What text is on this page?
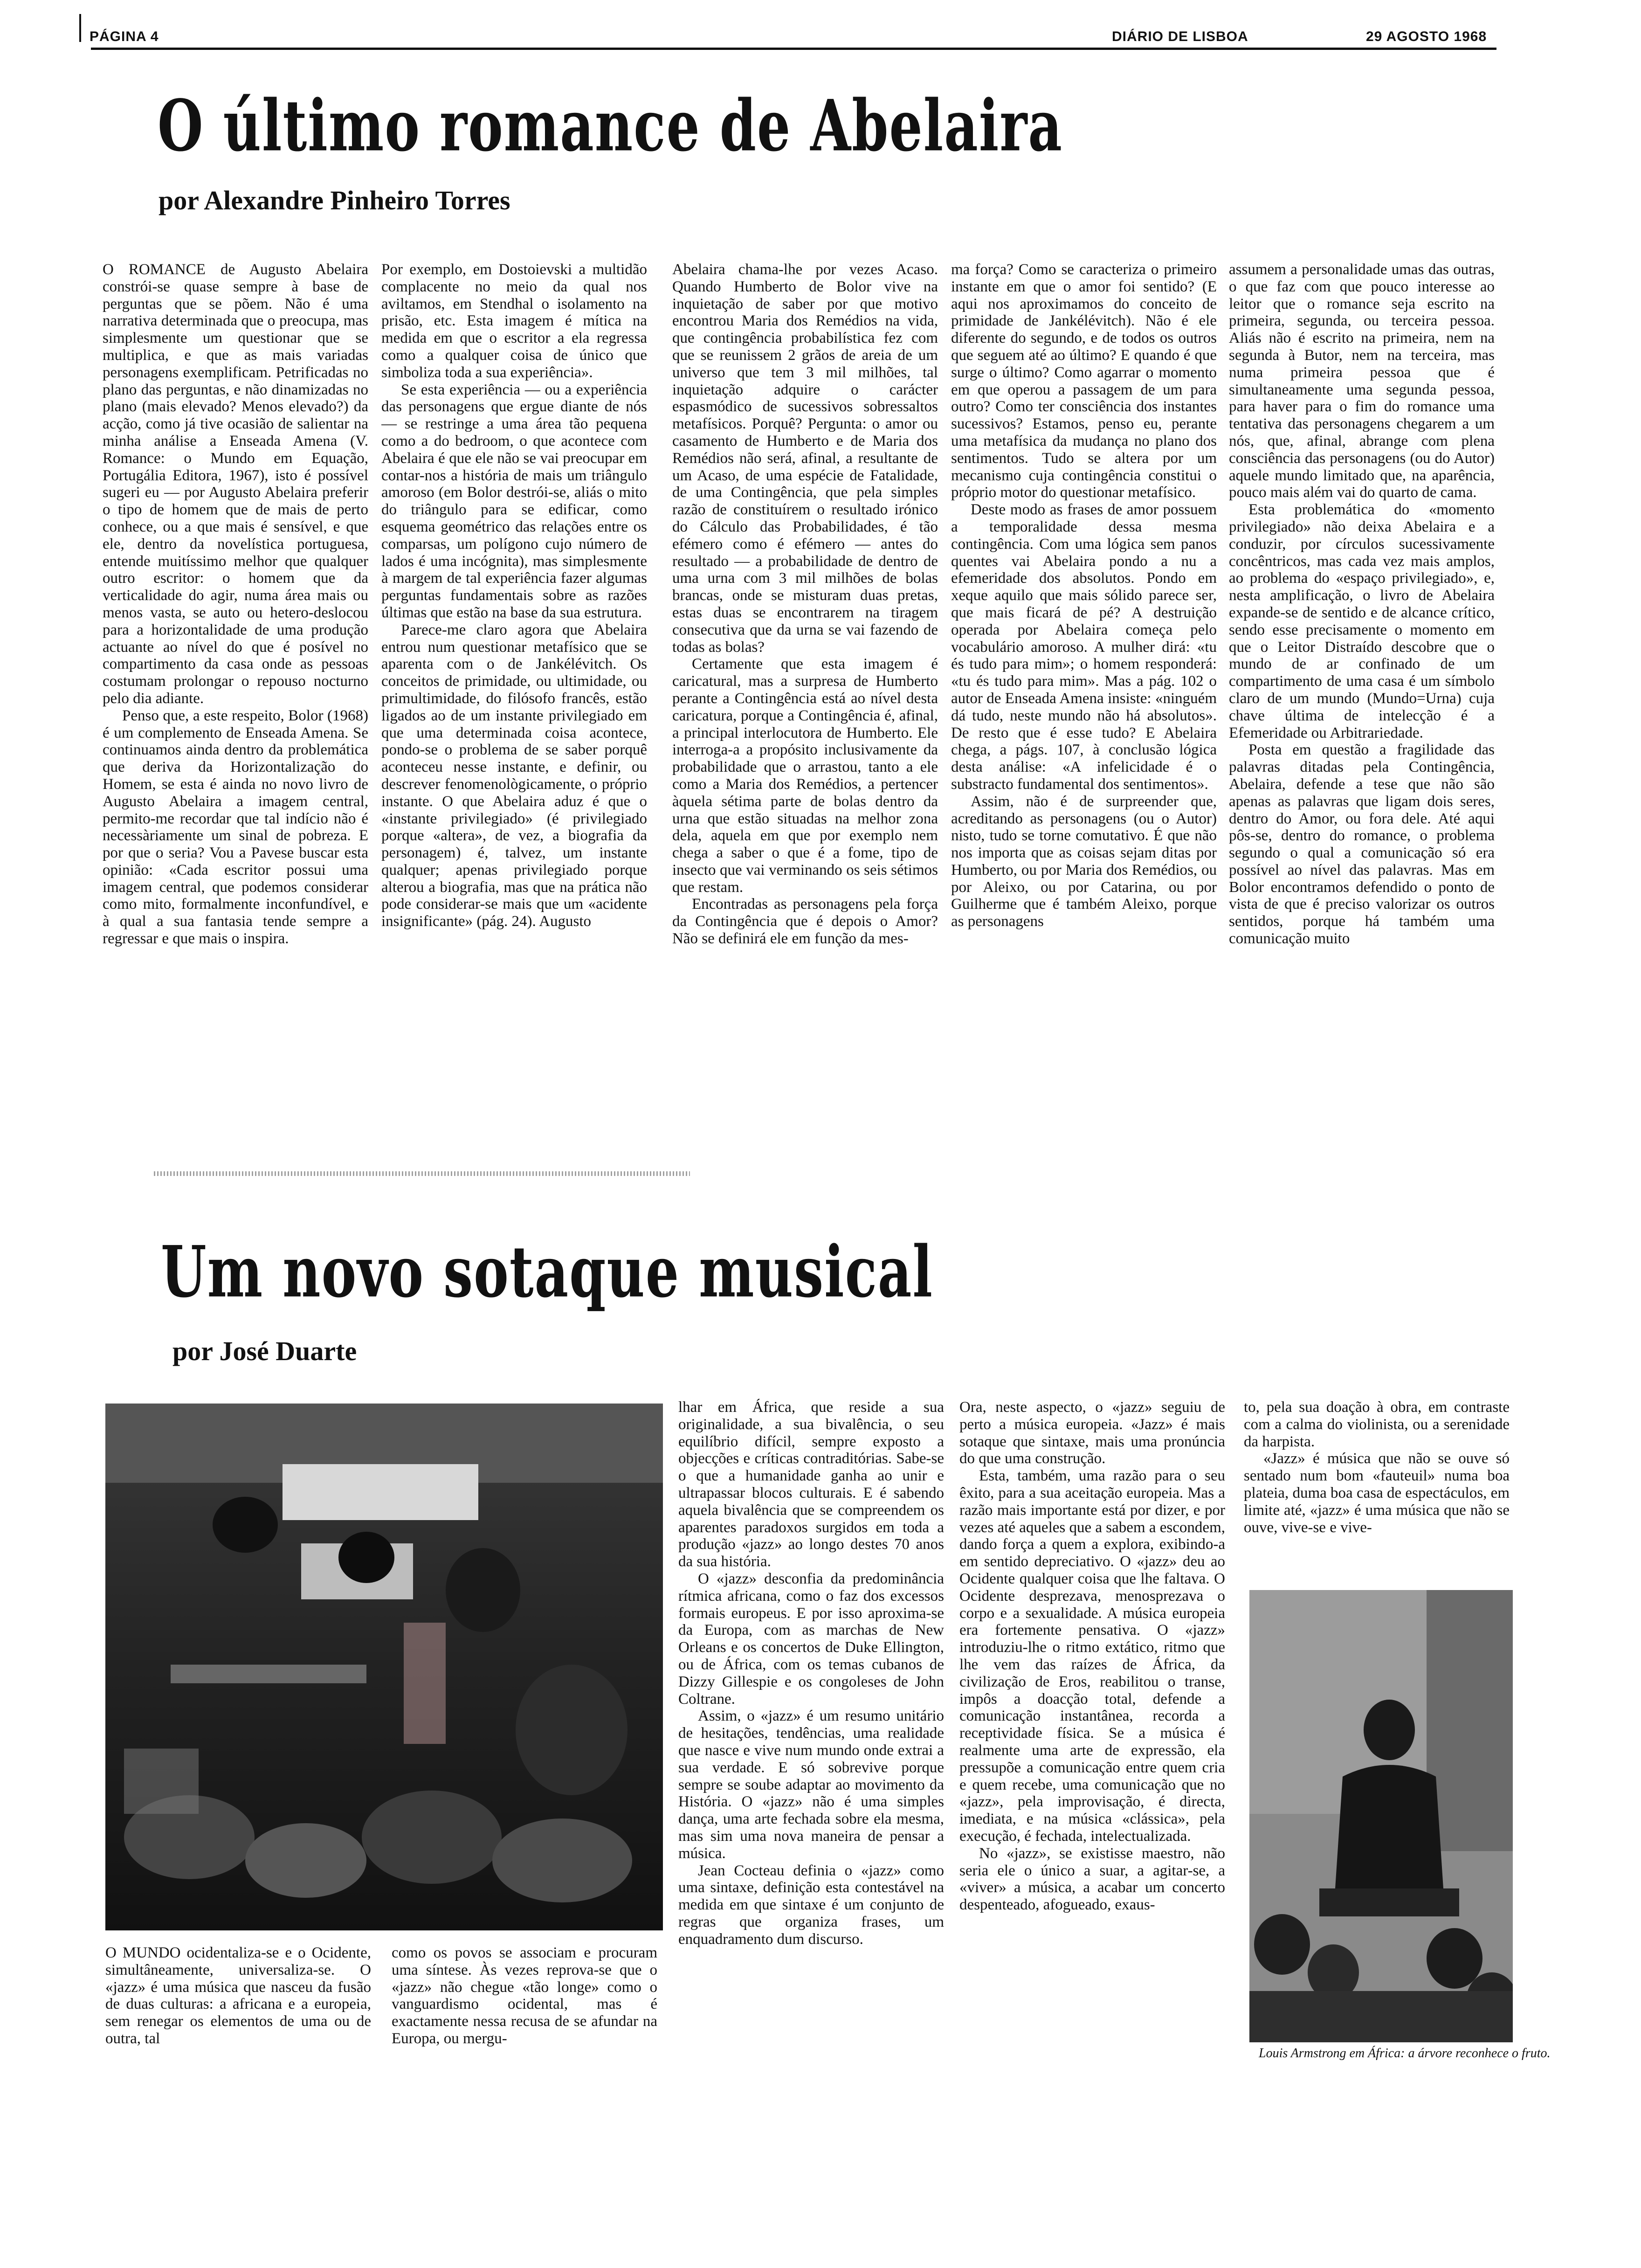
PÁGINA 4	DIÁRIO DE LISBOA	29 AGOSTO 1968
O último romance de Abelaira
por Alexandre Pinheiro Torres

O ROMANCE de Augusto Abelaira constrói-se quase sempre à base de perguntas que se põem. Não é uma narrativa determinada que o preocupa, mas simplesmente um questionar que se multiplica, e que as mais variadas personagens exemplificam. Petrificadas no plano das perguntas, e não dinamizadas no plano (mais elevado? Menos elevado?) da acção, como já tive ocasião de salientar na minha análise a Enseada Amena (V. Romance: o Mundo em Equação, Portugália Editora, 1967), isto é possível sugeri eu — por Augusto Abelaira preferir o tipo de homem que de mais de perto conhece, ou a que mais é sensível, e que ele, dentro da novelística portuguesa, entende muitíssimo melhor que qualquer outro escritor: o homem que da verticalidade do agir, numa área mais ou menos vasta, se auto ou hetero-deslocou para a horizontalidade de uma produção actuante ao nível do que é posível no compartimento da casa onde as pessoas costumam prolongar o repouso nocturno pelo dia adiante.

Penso que, a este respeito, Bolor (1968) é um complemento de Enseada Amena. Se continuamos ainda dentro da problemática que deriva da Horizontalização do Homem, se esta é ainda no novo livro de Augusto Abelaira a imagem central, permito-me recordar que tal indício não é necessàriamente um sinal de pobreza. E por que o seria? Vou a Pavese buscar esta opinião: «Cada escritor possui uma imagem central, que podemos considerar como mito, formalmente inconfundível, e à qual a sua fantasia tende sempre a regressar e que mais o inspira.

Por exemplo, em Dostoievski a multidão complacente no meio da qual nos aviltamos, em Stendhal o isolamento na prisão, etc. Esta imagem é mítica na medida em que o escritor a ela regressa como a qualquer coisa de único que simboliza toda a sua experiência».

Se esta experiência — ou a experiência das personagens que ergue diante de nós — se restringe a uma área tão pequena como a do bedroom, o que acontece com Abelaira é que ele não se vai preocupar em contar-nos a história de mais um triângulo amoroso (em Bolor destrói-se, aliás o mito do triângulo para se edificar, como esquema geométrico das relações entre os comparsas, um polígono cujo número de lados é uma incógnita), mas simplesmente à margem de tal experiência fazer algumas perguntas fundamentais sobre as razões últimas que estão na base da sua estrutura.

Parece-me claro agora que Abelaira entrou num questionar metafísico que se aparenta com o de Jankélévitch. Os conceitos de primidade, ou ultimidade, ou primultimidade, do filósofo francês, estão ligados ao de um instante privilegiado em que uma determinada coisa acontece, pondo-se o problema de se saber porquê aconteceu nesse instante, e definir, ou descrever fenomenològicamente, o próprio instante. O que Abelaira aduz é que o «instante privilegiado» (é privilegiado porque «altera», de vez, a biografia da personagem) é, talvez, um instante qualquer; apenas privilegiado porque alterou a biografia, mas que na prática não pode considerar-se mais que um «acidente insignificante» (pág. 24). Augusto

Abelaira chama-lhe por vezes Acaso. Quando Humberto de Bolor vive na inquietação de saber por que motivo encontrou Maria dos Remédios na vida, que contingência probabilística fez com que se reunissem 2 grãos de areia de um universo que tem 3 mil milhões, tal inquietação adquire o carácter espasmódico de sucessivos sobressaltos metafísicos. Porquê? Pergunta: o amor ou casamento de Humberto e de Maria dos Remédios não será, afinal, a resultante de um Acaso, de uma espécie de Fatalidade, de uma Contingência, que pela simples razão de constituírem o resultado irónico do Cálculo das Probabilidades, é tão efémero como é efémero — antes do resultado — a probabilidade de dentro de uma urna com 3 mil milhões de bolas brancas, onde se misturam duas pretas, estas duas se encontrarem na tiragem consecutiva que da urna se vai fazendo de todas as bolas?

Certamente que esta imagem é caricatural, mas a surpresa de Humberto perante a Contingência está ao nível desta caricatura, porque a Contingência é, afinal, a principal interlocutora de Humberto. Ele interroga-a a propósito inclusivamente da probabilidade que o arrastou, tanto a ele como a Maria dos Remédios, a pertencer àquela sétima parte de bolas dentro da urna que estão situadas na melhor zona dela, aquela em que por exemplo nem chega a saber o que é a fome, tipo de insecto que vai verminando os seis sétimos que restam.

Encontradas as personagens pela força da Contingência que é depois o Amor? Não se definirá ele em função da mes-

ma força? Como se caracteriza o primeiro instante em que o amor foi sentido? (E aqui nos aproximamos do conceito de primidade de Jankélévitch). Não é ele diferente do segundo, e de todos os outros que seguem até ao último? E quando é que surge o último? Como agarrar o momento em que operou a passagem de um para outro? Como ter consciência dos instantes sucessivos? Estamos, penso eu, perante uma metafísica da mudança no plano dos sentimentos. Tudo se altera por um mecanismo cuja contingência constitui o próprio motor do questionar metafísico.

Deste modo as frases de amor possuem a temporalidade dessa mesma contingência. Com uma lógica sem panos quentes vai Abelaira pondo a nu a efemeridade dos absolutos. Pondo em xeque aquilo que mais sólido parece ser, que mais ficará de pé? A destruição operada por Abelaira começa pelo vocabulário amoroso. A mulher dirá: «tu és tudo para mim»; o homem responderá: «tu és tudo para mim». Mas a pág. 102 o autor de Enseada Amena insiste: «ninguém dá tudo, neste mundo não há absolutos». De resto que é esse tudo? E Abelaira chega, a págs. 107, à conclusão lógica desta análise: «A infelicidade é o substracto fundamental dos sentimentos».

Assim, não é de surpreender que, acreditando as personagens (ou o Autor) nisto, tudo se torne comutativo. É que não nos importa que as coisas sejam ditas por Humberto, ou por Maria dos Remédios, ou por Aleixo, ou por Catarina, ou por Guilherme que é também Aleixo, porque as personagens

assumem a personalidade umas das outras, o que faz com que pouco interesse ao leitor que o romance seja escrito na primeira, segunda, ou terceira pessoa. Aliás não é escrito na primeira, nem na segunda à Butor, nem na terceira, mas numa primeira pessoa que é simultaneamente uma segunda pessoa, para haver para o fim do romance uma tentativa das personagens chegarem a um nós, que, afinal, abrange com plena consciência das personagens (ou do Autor) aquele mundo limitado que, na aparência, pouco mais além vai do quarto de cama.

Esta problemática do «momento privilegiado» não deixa Abelaira e a conduzir, por círculos sucessivamente concêntricos, mas cada vez mais amplos, ao problema do «espaço privilegiado», e, nesta amplificação, o livro de Abelaira expande-se de sentido e de alcance crítico, sendo esse precisamente o momento em que o Leitor Distraído descobre que o mundo de ar confinado de um compartimento de uma casa é um símbolo claro de um mundo (Mundo=Urna) cuja chave última de intelecção é a Efemeridade ou Arbitrariedade.

Posta em questão a fragilidade das palavras ditadas pela Contingência, Abelaira, defende a tese que não são apenas as palavras que ligam dois seres, dentro do Amor, ou fora dele. Até aqui pôs-se, dentro do romance, o problema segundo o qual a comunicação só era possível ao nível das palavras. Mas em Bolor encontramos defendido o ponto de vista de que é preciso valorizar os outros sentidos, porque há também uma comunicação muito

Um novo sotaque musical
por José Duarte

O MUNDO ocidentaliza-se e o Ocidente, simultâneamente, universaliza-se. O «jazz» é uma música que nasceu da fusão de duas culturas: a africana e a europeia, sem renegar os elementos de uma ou de outra, tal

como os povos se associam e procuram uma síntese. Às vezes reprova-se que o «jazz» não chegue «tão longe» como o vanguardismo ocidental, mas é exactamente nessa recusa de se afundar na Europa, ou mergu-

lhar em África, que reside a sua originalidade, a sua bivalência, o seu equilíbrio difícil, sempre exposto a objecções e críticas contraditórias. Sabe-se o que a humanidade ganha ao unir e ultrapassar blocos culturais. E é sabendo aquela bivalência que se compreendem os aparentes paradoxos surgidos em toda a produção «jazz» ao longo destes 70 anos da sua história.

O «jazz» desconfia da predominância rítmica africana, como o faz dos excessos formais europeus. E por isso aproxima-se da Europa, com as marchas de New Orleans e os concertos de Duke Ellington, ou de África, com os temas cubanos de Dizzy Gillespie e os congoleses de John Coltrane.

Assim, o «jazz» é um resumo unitário de hesitações, tendências, uma realidade que nasce e vive num mundo onde extrai a sua verdade. E só sobrevive porque sempre se soube adaptar ao movimento da História. O «jazz» não é uma simples dança, uma arte fechada sobre ela mesma, mas sim uma nova maneira de pensar a música.

Jean Cocteau definia o «jazz» como uma sintaxe, definição esta contestável na medida em que sintaxe é um conjunto de regras que organiza frases, um enquadramento dum discurso.

Ora, neste aspecto, o «jazz» seguiu de perto a música europeia. «Jazz» é mais sotaque que sintaxe, mais uma pronúncia do que uma construção.

Esta, também, uma razão para o seu êxito, para a sua aceitação europeia. Mas a razão mais importante está por dizer, e por vezes até aqueles que a sabem a escondem, dando força a quem a explora, exibindo-a em sentido depreciativo. O «jazz» deu ao Ocidente qualquer coisa que lhe faltava. O Ocidente desprezava, menosprezava o corpo e a sexualidade. A música europeia era fortemente pensativa. O «jazz» introduziu-lhe o ritmo extático, ritmo que lhe vem das raízes de África, da civilização de Eros, reabilitou o transe, impôs a doacção total, defende a comunicação instantânea, recorda a receptividade física. Se a música é realmente uma arte de expressão, ela pressupõe a comunicação entre quem cria e quem recebe, uma comunicação que no «jazz», pela improvisação, é directa, imediata, e na música «clássica», pela execução, é fechada, intelectualizada.

No «jazz», se existisse maestro, não seria ele o único a suar, a agitar-se, a «viver» a música, a acabar um concerto despenteado, afogueado, exaus-

to, pela sua doação à obra, em contraste com a calma do violinista, ou a serenidade da harpista.

«Jazz» é música que não se ouve só sentado num bom «fauteuil» numa boa plateia, duma boa casa de espectáculos, em limite até, «jazz» é uma música que não se ouve, vive-se e vive-

Louis Armstrong em África: a árvore reconhece o fruto.
